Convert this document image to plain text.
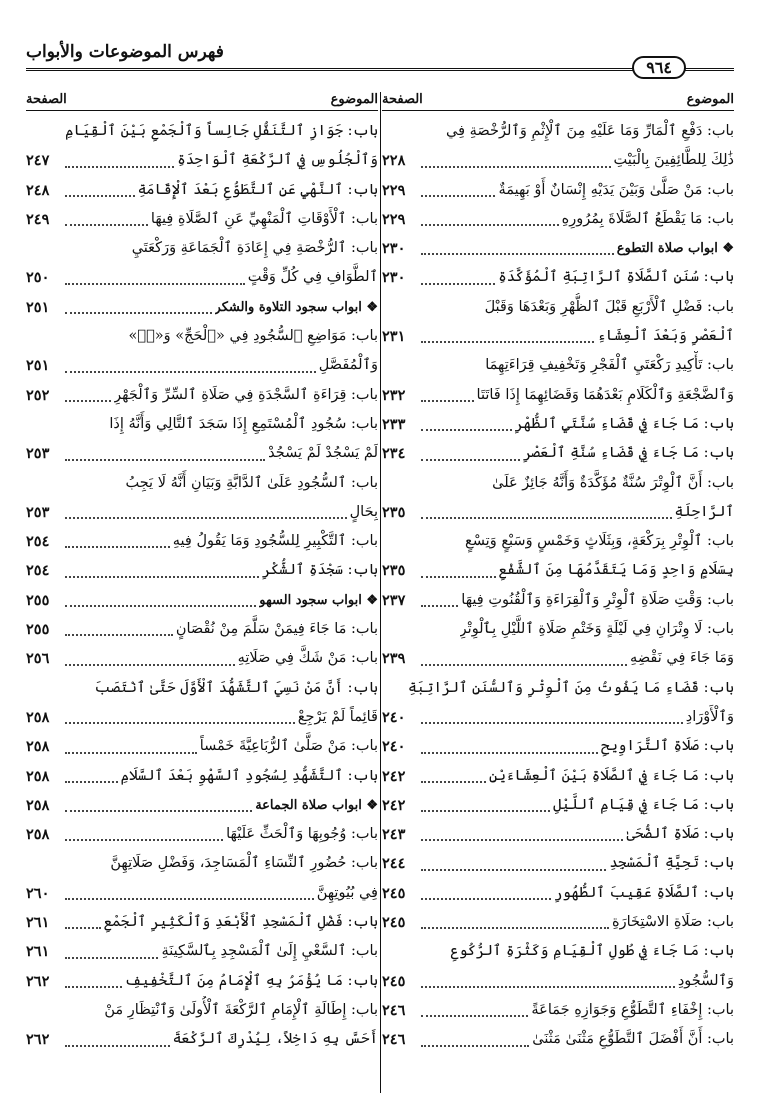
فهرس الموضوعات والأبواب
٩٦٤
الموضوع
الصفحة
باب: دَفْعِ ٱلْمَارِّ وَمَا عَلَيْهِ مِنَ ٱلْإِثْمِ وَٱلرُّخْصَةِ فِي
ذَٰلِكَ لِلطَّائِفِينَ بِالْبَيْتِ
٢٢٨
باب: مَنْ صَلَّىٰ وَبَيْنَ يَدَيْهِ إِنْسَانٌ أَوْ بَهِيمَةٌ
٢٢٩
باب: مَا يَقْطَعُ ٱلصَّلَاةَ بِمُرُورِهِ
٢٢٩
❖ ابواب صلاة التطوع
٢٣٠
باب: سُنَنِ ٱلصَّلَاةِ ٱلرَّاتِبَةِ ٱلْمُؤَكَّدَةِ
٢٣٠
باب: فَضْلِ ٱلْأَرْبَعِ قَبْلَ ٱلظُّهْرِ وَبَعْدَهَا وَقَبْلَ
ٱلْعَصْرِ وَبَعْدَ ٱلْعِشَاءِ
٢٣١
باب: تَأْكِيدِ رَكْعَتَيِ ٱلْفَجْرِ وَتَخْفِيفِ قِرَاءَتِهِمَا
وَٱلضَّجْعَةِ وَٱلْكَلَامِ بَعْدَهُمَا وَقَضَائِهِمَا إِذَا فَاتَتَا
٢٣٢
باب: مَا جَاءَ فِي قَضَاءِ سُنَّتَيِ ٱلظُّهْرِ
٢٣٣
باب: مَا جَاءَ فِي قَضَاءِ سُنَّةِ ٱلْعَصْرِ
٢٣٤
باب: أَنَّ ٱلْوِتْرَ سُنَّةٌ مُؤَكَّدَةٌ وَأَنَّهُ جَائِزٌ عَلَىٰ
ٱلرَّاحِلَةِ
٢٣٥
باب: ٱلْوِتْرِ بِرَكْعَةٍ، وَبِثَلَاثٍ وَخَمْسٍ وَسَبْعٍ وَتِسْعٍ
بِسَلَامٍ وَاحِدٍ وَمَا يَتَقَدَّمُهَا مِنَ ٱلشَّفْعِ
٢٣٥
باب: وَقْتِ صَلَاةِ ٱلْوِتْرِ وَٱلْقِرَاءَةِ وَٱلْقُنُوتِ فِيهَا
٢٣٧
باب: لَا وِتْرَانِ فِي لَيْلَةٍ وَخَتْمِ صَلَاةِ ٱللَّيْلِ بِٱلْوِتْرِ
وَمَا جَاءَ فِي نَقْضِهِ
٢٣٩
باب: قَضَاءِ مَا يَفُوتُ مِنَ ٱلْوِتْرِ وَٱلسُّنَنِ ٱلرَّاتِبَةِ
وَٱلْأَوْرَادِ
٢٤٠
باب: صَلَاةِ ٱلتَّرَاوِيحِ
٢٤٠
باب: مَا جَاءَ فِي ٱلصَّلَاةِ بَيْنَ ٱلْعِشَاءَيْنِ
٢٤٢
باب: مَا جَاءَ فِي قِيَامِ ٱللَّيْلِ
٢٤٢
باب: صَلَاةِ ٱلضُّحَىٰ
٢٤٣
باب: تَحِيَّةِ ٱلْمَسْجِدِ
٢٤٤
باب: ٱلصَّلَاةِ عَقِيبَ ٱلطُّهُورِ
٢٤٥
باب: صَلَاةِ الاسْتِخَارَةِ
٢٤٥
باب: مَا جَاءَ فِي طُولِ ٱلْقِيَامِ وَكَثْرَةِ ٱلرُّكُوعِ
وَٱلسُّجُودِ
٢٤٥
باب: إِخْفَاءِ ٱلتَّطَوُّعِ وَجَوَازِهِ جَمَاعَةً
٢٤٦
باب: أَنَّ أَفْضَلَ ٱلتَّطَوُّعِ مَثْنَىٰ مَثْنَىٰ
٢٤٦
الموضوع
الصفحة
باب: جَوَازِ ٱلتَّنَفُّلِ جَالِساً وَٱلْجَمْعِ بَيْنَ ٱلْقِيَامِ
وَٱلْجُلُوسِ فِي ٱلرَّكْعَةِ ٱلْوَاحِدَةِ
٢٤٧
باب: ٱلنَّهْيِ عَنِ ٱلتَّطَوُّعِ بَعْدَ ٱلْإِقَامَةِ
٢٤٨
باب: ٱلْأَوْقَاتِ ٱلْمَنْهِيِّ عَنِ ٱلصَّلَاةِ فِيهَا
٢٤٩
باب: ٱلرُّخْصَةِ فِي إِعَادَةِ ٱلْجَمَاعَةِ وَرَكْعَتَيِ
ٱلطَّوَافِ فِي كُلِّ وَقْتٍ
٢٥٠
❖ ابواب سجود التلاوة والشكر
٢٥١
باب: مَوَاضِعِ ٱلسُّجُودِ فِي «ٱلْحَجِّ» وَ«صۤ»
وَٱلْمُفَصَّلِ
٢٥١
باب: قِرَاءَةِ ٱلسَّجْدَةِ فِي صَلَاةِ ٱلسِّرِّ وَٱلْجَهْرِ
٢٥٢
باب: سُجُودِ ٱلْمُسْتَمِعِ إِذَا سَجَدَ ٱلتَّالِي وَأَنَّهُ إِذَا
لَمْ يَسْجُدْ لَمْ يَسْجُدْ
٢٥٣
باب: ٱلسُّجُودِ عَلَىٰ ٱلدَّابَّةِ وَبَيَانِ أَنَّهُ لَا يَجِبُ
بِحَالٍ
٢٥٣
باب: ٱلتَّكْبِيرِ لِلسُّجُودِ وَمَا يَقُولُ فِيهِ
٢٥٤
باب: سَجْدَةِ ٱلشُّكْرِ
٢٥٤
❖ ابواب سجود السهو
٢٥٥
باب: مَا جَاءَ فِيمَنْ سَلَّمَ مِنْ نُقْصَانٍ
٢٥٥
باب: مَنْ شَكَّ فِي صَلَاتِهِ
٢٥٦
باب: أَنَّ مَنْ نَسِيَ ٱلتَّشَهُّدَ ٱلْأَوَّلَ حَتَّىٰ ٱنْتَصَبَ
قَائِماً لَمْ يَرْجِعْ
٢٥٨
باب: مَنْ صَلَّىٰ ٱلرُّبَاعِيَّةَ خَمْساً
٢٥٨
باب: ٱلتَّشَهُّدِ لِسُجُودِ ٱلسَّهْوِ بَعْدَ ٱلسَّلَامِ
٢٥٨
❖ ابواب صلاة الجماعة
٢٥٨
باب: وُجُوبِهَا وَٱلْحَثِّ عَلَيْهَا
٢٥٨
باب: حُضُورِ ٱلنِّسَاءِ ٱلْمَسَاجِدَ، وَفَضْلِ صَلَاتِهِنَّ
فِي بُيُوتِهِنَّ
٢٦٠
باب: فَضْلِ ٱلْمَسْجِدِ ٱلْأَبْعَدِ وَٱلْكَثِيرِ ٱلْجَمْعِ
٢٦١
باب: ٱلسَّعْيِ إِلَىٰ ٱلْمَسْجِدِ بِٱلسَّكِينَةِ
٢٦١
باب: مَا يُؤْمَرُ بِهِ ٱلْإِمَامُ مِنَ ٱلتَّخْفِيفِ
٢٦٢
باب: إِطَالَةِ ٱلْإِمَامِ ٱلرَّكْعَةَ ٱلْأُولَىٰ وَٱنْتِظَارِ مَنْ
أَحَسَّ بِهِ دَاخِلاً، لِيُدْرِكَ ٱلرَّكْعَةَ
٢٦٢
